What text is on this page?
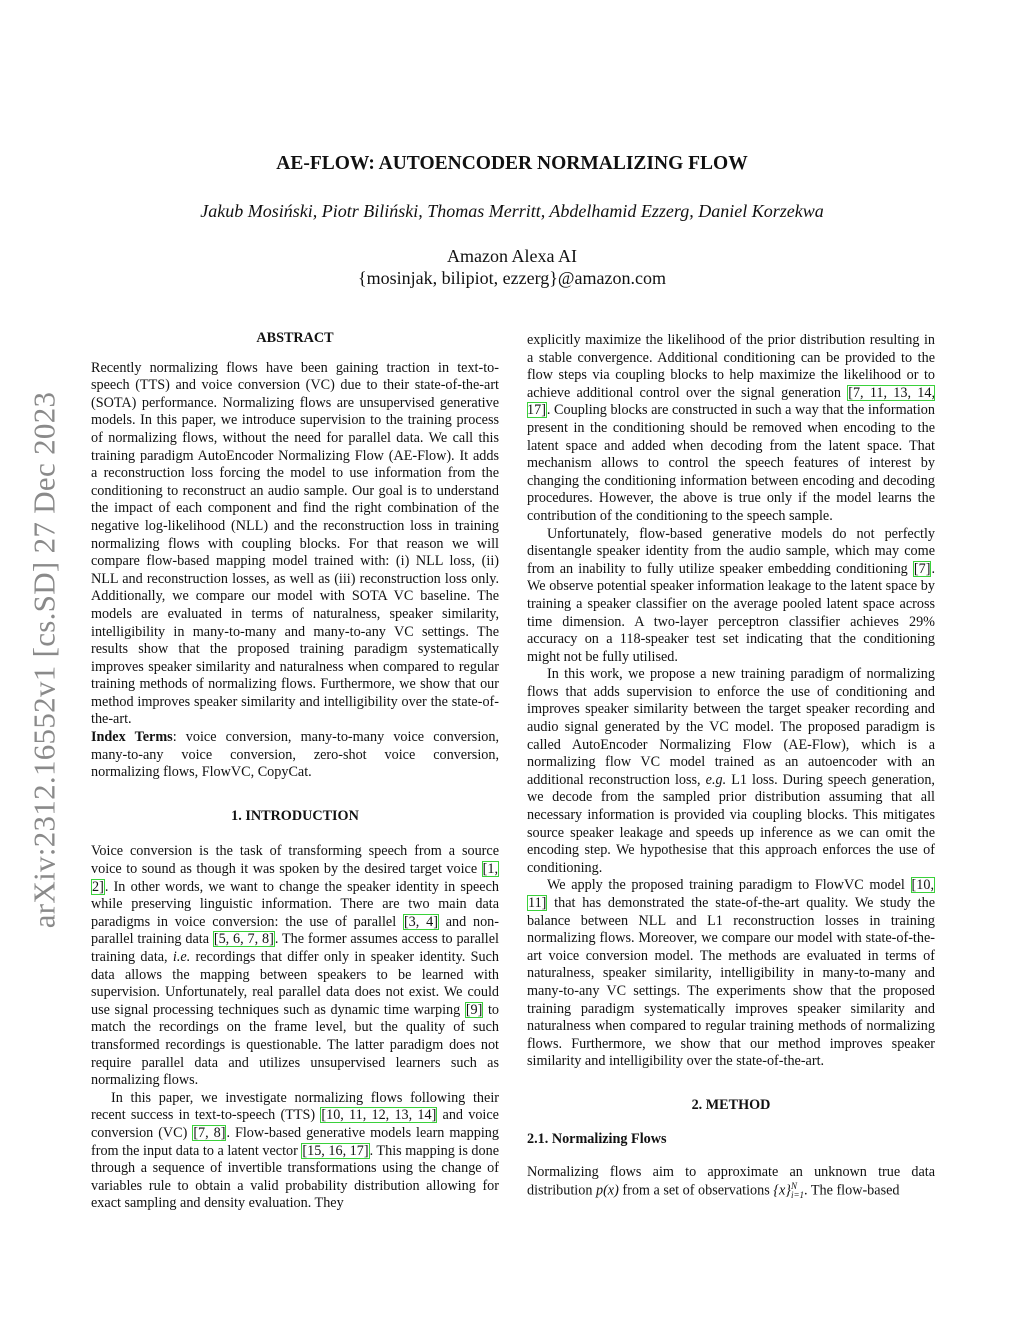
arXiv:2312.16552v1 [cs.SD] 27 Dec 2023
AE-FLOW: AUTOENCODER NORMALIZING FLOW
Jakub Mosiński, Piotr Biliński, Thomas Merritt, Abdelhamid Ezzerg, Daniel Korzekwa
Amazon Alexa AI
{mosinjak, bilipiot, ezzerg}@amazon.com

ABSTRACT

Recently normalizing flows have been gaining traction in text-to-speech (TTS) and voice conversion (VC) due to their state-of-the-art (SOTA) performance. Normalizing flows are unsupervised generative models. In this paper, we introduce supervision to the training process of normalizing flows, without the need for parallel data. We call this training paradigm AutoEncoder Normalizing Flow (AE-Flow). It adds a reconstruction loss forcing the model to use information from the conditioning to reconstruct an audio sample. Our goal is to understand the impact of each component and find the right combination of the negative log-likelihood (NLL) and the reconstruction loss in training normalizing flows with coupling blocks. For that reason we will compare flow-based mapping model trained with: (i) NLL loss, (ii) NLL and reconstruction losses, as well as (iii) reconstruction loss only. Additionally, we compare our model with SOTA VC baseline. The models are evaluated in terms of naturalness, speaker similarity, intelligibility in many-to-many and many-to-any VC settings. The results show that the proposed training paradigm systematically improves speaker similarity and naturalness when compared to regular training methods of normalizing flows. Furthermore, we show that our method improves speaker similarity and intelligibility over the state-of-the-art.

Index Terms: voice conversion, many-to-many voice conversion, many-to-any voice conversion, zero-shot voice conversion, normalizing flows, FlowVC, CopyCat.

1. INTRODUCTION

Voice conversion is the task of transforming speech from a source voice to sound as though it was spoken by the desired target voice [1, 2]. In other words, we want to change the speaker identity in speech while preserving linguistic information. There are two main data paradigms in voice conversion: the use of parallel [3, 4] and non-parallel training data [5, 6, 7, 8]. The former assumes access to parallel training data, i.e. recordings that differ only in speaker identity. Such data allows the mapping between speakers to be learned with supervision. Unfortunately, real parallel data does not exist. We could use signal processing techniques such as dynamic time warping [9] to match the recordings on the frame level, but the quality of such transformed recordings is questionable. The latter paradigm does not require parallel data and utilizes unsupervised learners such as normalizing flows.

In this paper, we investigate normalizing flows following their recent success in text-to-speech (TTS) [10, 11, 12, 13, 14] and voice conversion (VC) [7, 8]. Flow-based generative models learn mapping from the input data to a latent vector [15, 16, 17]. This mapping is done through a sequence of invertible transformations using the change of variables rule to obtain a valid probability distribution allowing for exact sampling and density evaluation. They

explicitly maximize the likelihood of the prior distribution resulting in a stable convergence. Additional conditioning can be provided to the flow steps via coupling blocks to help maximize the likelihood or to achieve additional control over the signal generation [7, 11, 13, 14, 17]. Coupling blocks are constructed in such a way that the information present in the conditioning should be removed when encoding to the latent space and added when decoding from the latent space. That mechanism allows to control the speech features of interest by changing the conditioning information between encoding and decoding procedures. However, the above is true only if the model learns the contribution of the conditioning to the speech sample.

Unfortunately, flow-based generative models do not perfectly disentangle speaker identity from the audio sample, which may come from an inability to fully utilize speaker embedding conditioning [7]. We observe potential speaker information leakage to the latent space by training a speaker classifier on the average pooled latent space across time dimension. A two-layer perceptron classifier achieves 29% accuracy on a 118-speaker test set indicating that the conditioning might not be fully utilised.

In this work, we propose a new training paradigm of normalizing flows that adds supervision to enforce the use of conditioning and improves speaker similarity between the target speaker recording and audio signal generated by the VC model. The proposed paradigm is called AutoEncoder Normalizing Flow (AE-Flow), which is a normalizing flow VC model trained as an autoencoder with an additional reconstruction loss, e.g. L1 loss. During speech generation, we decode from the sampled prior distribution assuming that all necessary information is provided via coupling blocks. This mitigates source speaker leakage and speeds up inference as we can omit the encoding step. We hypothesise that this approach enforces the use of conditioning.

We apply the proposed training paradigm to FlowVC model [10, 11] that has demonstrated the state-of-the-art quality. We study the balance between NLL and L1 reconstruction losses in training normalizing flows. Moreover, we compare our model with state-of-the-art voice conversion model. The methods are evaluated in terms of naturalness, speaker similarity, intelligibility in many-to-many and many-to-any VC settings. The experiments show that the proposed training paradigm systematically improves speaker similarity and naturalness when compared to regular training methods of normalizing flows. Furthermore, we show that our method improves speaker similarity and intelligibility over the state-of-the-art.

2. METHOD

2.1. Normalizing Flows

Normalizing flows aim to approximate an unknown true data distribution p(x) from a set of observations {x} N
i=1 . The flow-based
